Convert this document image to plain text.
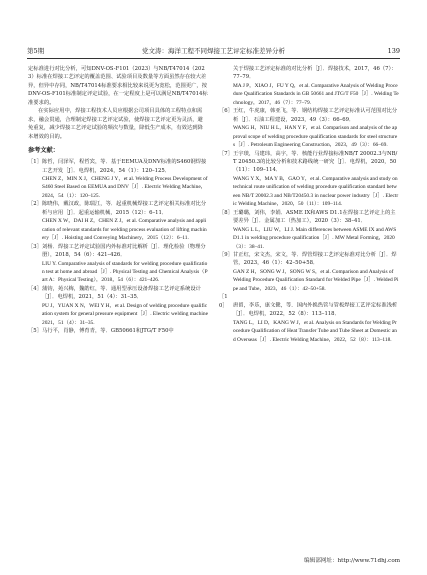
第5期	党文涛：海洋工程不同焊接工艺评定标准差异分析	139

定标准进行对比分析，可知DNV-OS-F101（2023）与NB/T47014（2023）标准在焊接工艺评定的覆盖范围、试验项目及数量等方面虽然存在较大差异，但异中存同，NB/T47014标准要求相比较来说更为宽松，范围更广，按DNV-OS-F101标准制定评定试验，在一定程度上是可以满足NB/T47014标准要求的。

在实际应用中，焊接工程技术人员应根据公司项目具体的工程特点和需求，融会贯通，合理制定焊接工艺评定试验，使焊接工艺评定更为灵活，避免重复，减少焊接工艺评定试验的频次与数量，降低生产成本，有效达到降本增效的目的。

参考文献：
［1］陈哲，闫泽军，程哲宾，等．基于EEMUA及DNV标准的S460钢焊接工艺开发［J］．电焊机，2024，54（1）：120–125．
CHEN Z，MIN X J，CHENG J Y，et al. Welding Process Development of S460 Steel Based on EEMUA and DNV［J］. Electric Welding Machine，2024，54（1）：120–125.
［2］陈晓伟，戴汉政，陈瑞江，等．起重机械焊接工艺评定相关标准对比分析与应用［J］．起重运输机械，2015（12）：6–11．
CHEN X W，DAI H Z，CHEN Z J，et al. Comparative analysis and application of relevant standards for welding process evaluation of lifting machinery［J］. Hoisting and Conveying Machinery，2015（12）：6–11.
［3］刘杨．焊接工艺评定试验国内外标准对比解析［J］．理化检验（物理分册），2018，54（6）：421–426．
LIU Y. Comparative analysis of standards for welding procedure qualification test at home and abroad［J］. Physical Testing and Chemical Analysis（Part A：Physical Testing），2018，54（6）：421–426.
［4］蒲钧，苑兴梅，魏皓红，等．通用型承压设备焊接工艺评定系统设计［J］．电焊机，2021，51（4）：31–35．
PU J，YUAN X N，WEI Y H，et al. Design of welding procedure qualification system for general pressure equipment［J］. Electric welding machine2021，51（4）：31–35.
［5］马行平，肖静，傅育青，等．GB50661和JTG/T F50中
关于焊接工艺评定标准的对比分析［J］．焊接技术，2017，46（7）：77–79．
MA J P，XIAO J，FU Y Q，et al. Comparative Analysis of Welding Procedure Qualification Standards in GB 50661 and JTG/T F50［J］. Welding Technology，2017，46（7）：77–79.
［6］王红，牛虎康，韩亚飞，等．钢结构焊接工艺评定标准认可范围对比分析［J］．石油工程建设，2023，49（3）：66–69．
WANG H，NIU H L，HAN Y F，et al. Comparison and analysis of the approval scope of welding procedure qualification standards for steel structures［J］. Petroleum Engineering Construction，2023，49（3）：66–69.
［7］王宇琰，马建玮，高宇，等．核能行业焊接标准NB/T 20002.3与NB/T 20450.3的比较分析和技术路线统一研究［J］．电焊机，2020，50（11）：109–114．
WANG Y X，MA Y B，GAO Y，et al. Comparative analysis and study on technical route unification of welding procedure qualification standard between NB/T 20002.3 and NB/T20450.3 in nuclear power industry［J］. Electric Welding Machine，2020，50（11）：109–114.
［8］王璐璐，刘伟，李娟．ASME IX和AWS D1.1在焊接工艺评定上的主要差异［J］．金属加工（热加工），2020（3）：38–41．
WANG L L，LIU W，LI J. Main differences between ASME IX and AWS D1.1 in welding procedure qualification［J］. MW Metal Forming，2020（3）：38–41.
［9］甘正红，宋文杰，宋文，等．焊管焊接工艺评定标准对比分析［J］．焊管，2023，46（1）：42–50+58．
GAN Z H，SONG W J，SONG W S，et al. Comparison and Analysis of Welding Procedure Qualification Standard for Welded Pipe［J］. Welded Pipe and Tube，2023，46（1）：42–50+58.
［10］ 唐留，李乐，康文健，等．国内外换热管与管板焊接工艺评定标准浅析［J］．电焊机，2022，52（8）：113–118．
TANG L，LI D，KANG W J，et al. Analysis on Standards for Welding Procedure Qualification of Heat Transfer Tube and Tube Sheet at Domestic and Overseas［J］. Electric Welding Machine，2022，52（8）：113–118.
编辑部网址：http://www.71dhj.com
